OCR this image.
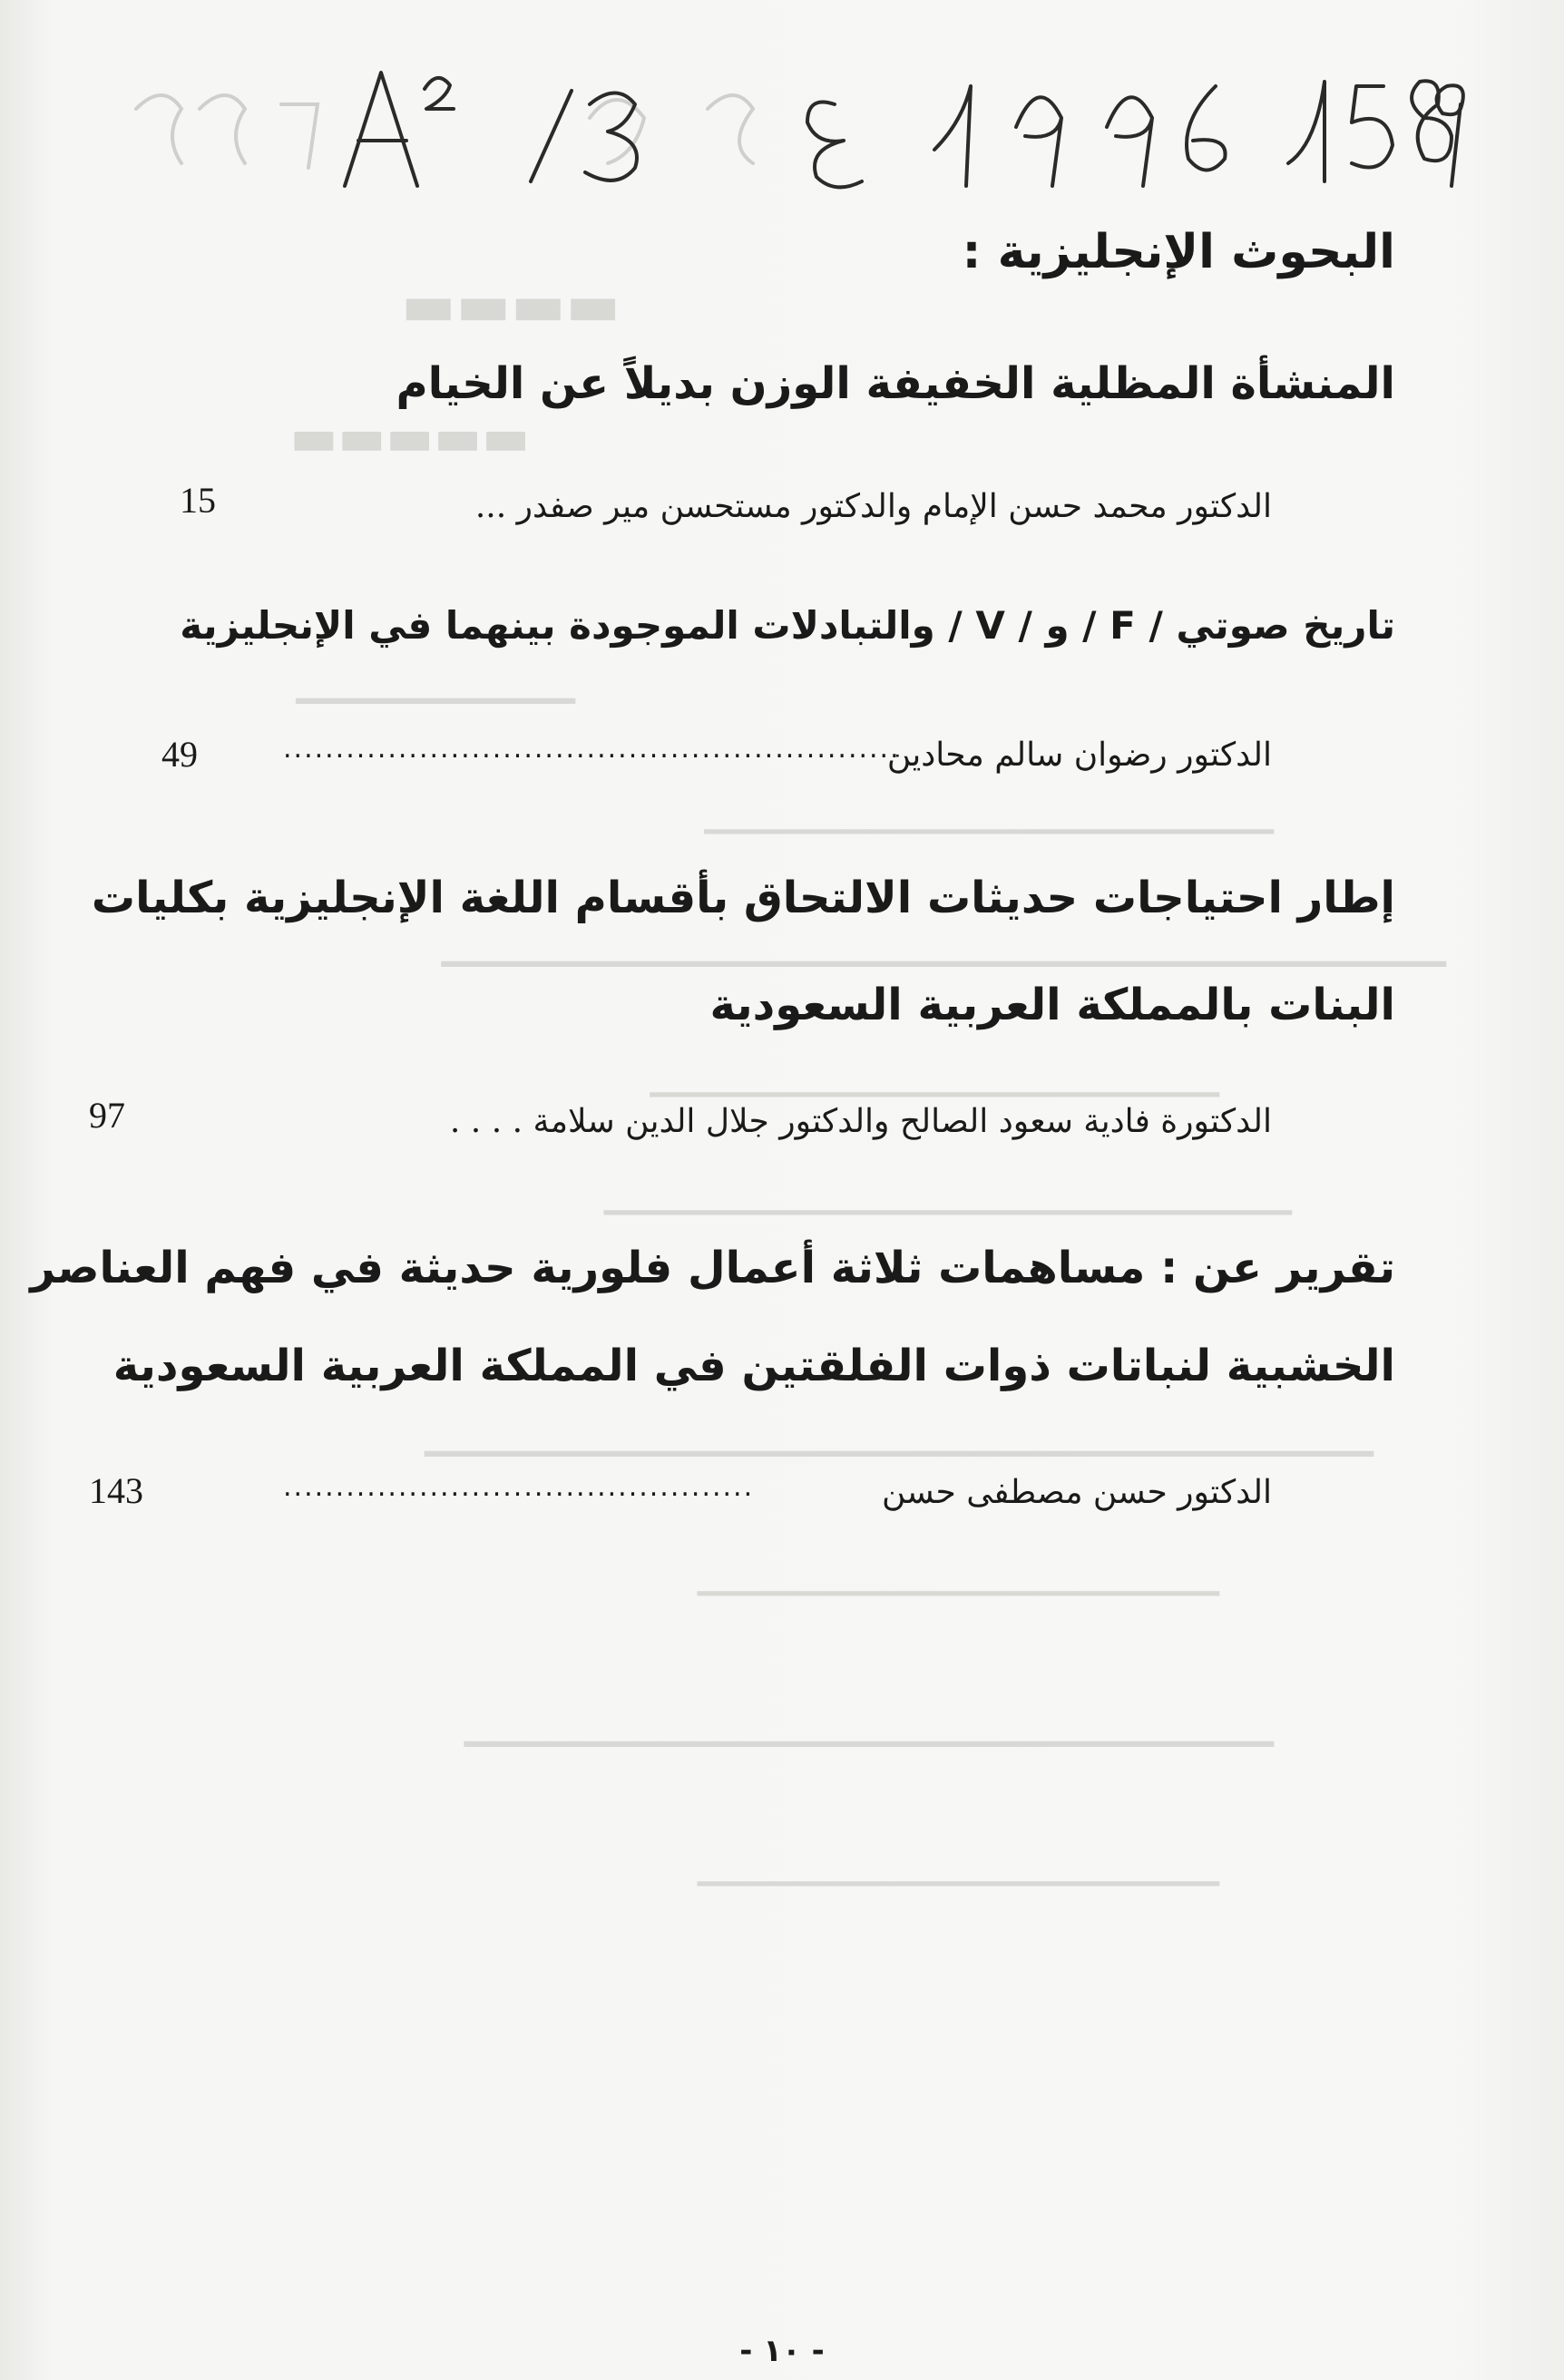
▬▬▬▬
▬▬▬▬▬
▁▁▁▁▁▁▁▁▁▁
▁▁▁▁▁▁▁▁▁▁▁▁▁▁▁▁▁▁▁▁▁▁▁▁
▁▁▁▁▁▁▁▁▁▁▁▁▁▁▁▁▁▁▁▁▁▁▁▁▁▁▁▁▁▁▁▁▁▁▁▁
▁▁▁▁▁▁▁▁▁▁▁▁▁▁▁▁▁▁▁▁▁▁▁▁
▁▁▁▁▁▁▁▁▁▁▁▁▁▁▁▁▁▁▁▁▁▁▁▁▁▁▁▁▁
▁▁▁▁▁▁▁▁▁▁▁▁▁▁▁▁▁▁▁▁▁▁▁▁▁▁▁▁▁▁▁▁▁▁
▁▁▁▁▁▁▁▁▁▁▁▁▁▁▁▁▁▁▁▁▁▁
▁▁▁▁▁▁▁▁▁▁▁▁▁▁▁▁▁▁▁▁▁▁▁▁▁▁▁▁▁
▁▁▁▁▁▁▁▁▁▁▁▁▁▁▁▁▁▁▁▁▁▁
البحوث الإنجليزية :
المنشأة المظلية الخفيفة الوزن بديلاً عن الخيام
الدكتور محمد حسن الإمام والدكتور مستحسن مير صفدر ...
15
تاريخ صوتي / F / و / V / والتبادلات الموجودة بينهما في الإنجليزية
الدكتور رضوان سالم محادين
...........................................................
49
إطار احتياجات حديثات الالتحاق بأقسام اللغة الإنجليزية بكليات
البنات بالمملكة العربية السعودية
الدكتورة فادية سعود الصالح والدكتور جلال الدين سلامة . . . .
97
تقرير عن : مساهمات ثلاثة أعمال فلورية حديثة في فهم العناصر
الخشبية لنباتات ذوات الفلقتين في المملكة العربية السعودية
الدكتور حسن مصطفى حسن
.............................................
143
- ١٠ -
